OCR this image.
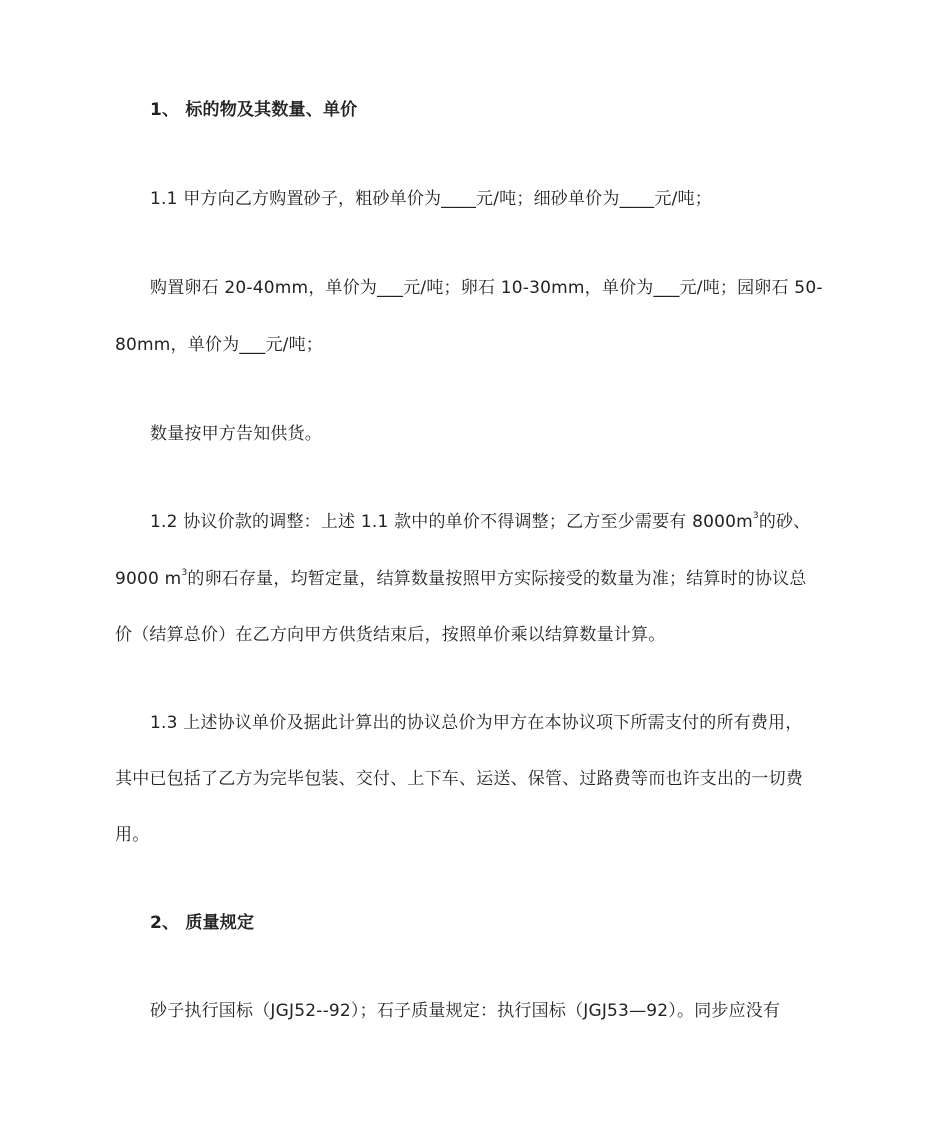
1、 标的物及其数量、单价
1.1 甲方向乙方购置砂子，粗砂单价为____元/吨；细砂单价为____元/吨；
购置卵石 20-40mm，单价为___元/吨；卵石 10-30mm，单价为___元/吨；园卵石 50-
80mm，单价为___元/吨；
数量按甲方告知供货。
1.2 协议价款的调整：上述 1.1 款中的单价不得调整；乙方至少需要有 $8000m^3$的砂、
9000 $m^3$的卵石存量，均暂定量，结算数量按照甲方实际接受的数量为准；结算时的协议总
价（结算总价）在乙方向甲方供货结束后，按照单价乘以结算数量计算。
1.3 上述协议单价及据此计算出的协议总价为甲方在本协议项下所需支付的所有费用，
其中已包括了乙方为完毕包装、交付、上下车、运送、保管、过路费等而也许支出的一切费
用。
2、 质量规定
砂子执行国标（JGJ52--92）；石子质量规定：执行国标（JGJ53—92）。同步应没有
